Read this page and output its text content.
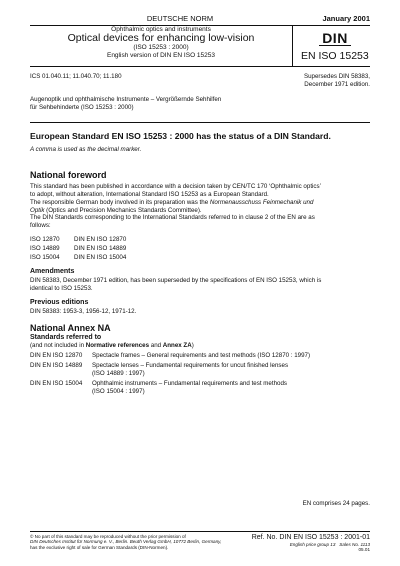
DEUTSCHE NORM	January 2001
Ophthalmic optics and instruments
Optical devices for enhancing low-vision
(ISO 15253 : 2000)
English version of DIN EN ISO 15253
DIN
EN ISO 15253
ICS 01.040.11; 11.040.70; 11.180	Supersedes DIN 58383,
December 1971 edition.
Augenoptik und ophthalmische Instrumente – Vergrößernde Sehhilfen
für Sehbehinderte (ISO 15253 : 2000)
European Standard EN ISO 15253 : 2000 has the status of a DIN Standard.
A comma is used as the decimal marker.
National foreword
This standard has been published in accordance with a decision taken by CEN/TC 170 ‘Ophthalmic optics’
to adopt, without alteration, International Standard ISO 15253 as a European Standard.
The responsible German body involved in its preparation was the Normenausschuss Feinmechanik und
Optik (Optics and Precision Mechanics Standards Committee).
The DIN Standards corresponding to the International Standards referred to in clause 2 of the EN are as
follows:
ISO 12870	DIN EN ISO 12870
ISO 14889	DIN EN ISO 14889
ISO 15004	DIN EN ISO 15004
Amendments
DIN 58383, December 1971 edition, has been superseded by the specifications of EN ISO 15253, which is
identical to ISO 15253.
Previous editions
DIN 58383: 1953-3, 1956-12, 1971-12.
National Annex NA
Standards referred to
(and not included in Normative references and Annex ZA)
DIN EN ISO 12870	Spectacle frames – General requirements and test methods (ISO 12870 : 1997)

DIN EN ISO 14889	Spectacle lenses – Fundamental requirements for uncut finished lenses
(ISO 14889 : 1997)

DIN EN ISO 15004	Ophthalmic instruments – Fundamental requirements and test methods
(ISO 15004 : 1997)
EN comprises 24 pages.
© No part of this standard may be reproduced without the prior permission of
DIN Deutsches Institut für Normung e. V., Berlin. Beuth Verlag GmbH, 10772 Berlin, Germany,
has the exclusive right of sale for German Standards (DIN-Normen).
Ref. No. DIN EN ISO 15253 : 2001-01
English price group 13 Sales No. 1113
05.01
